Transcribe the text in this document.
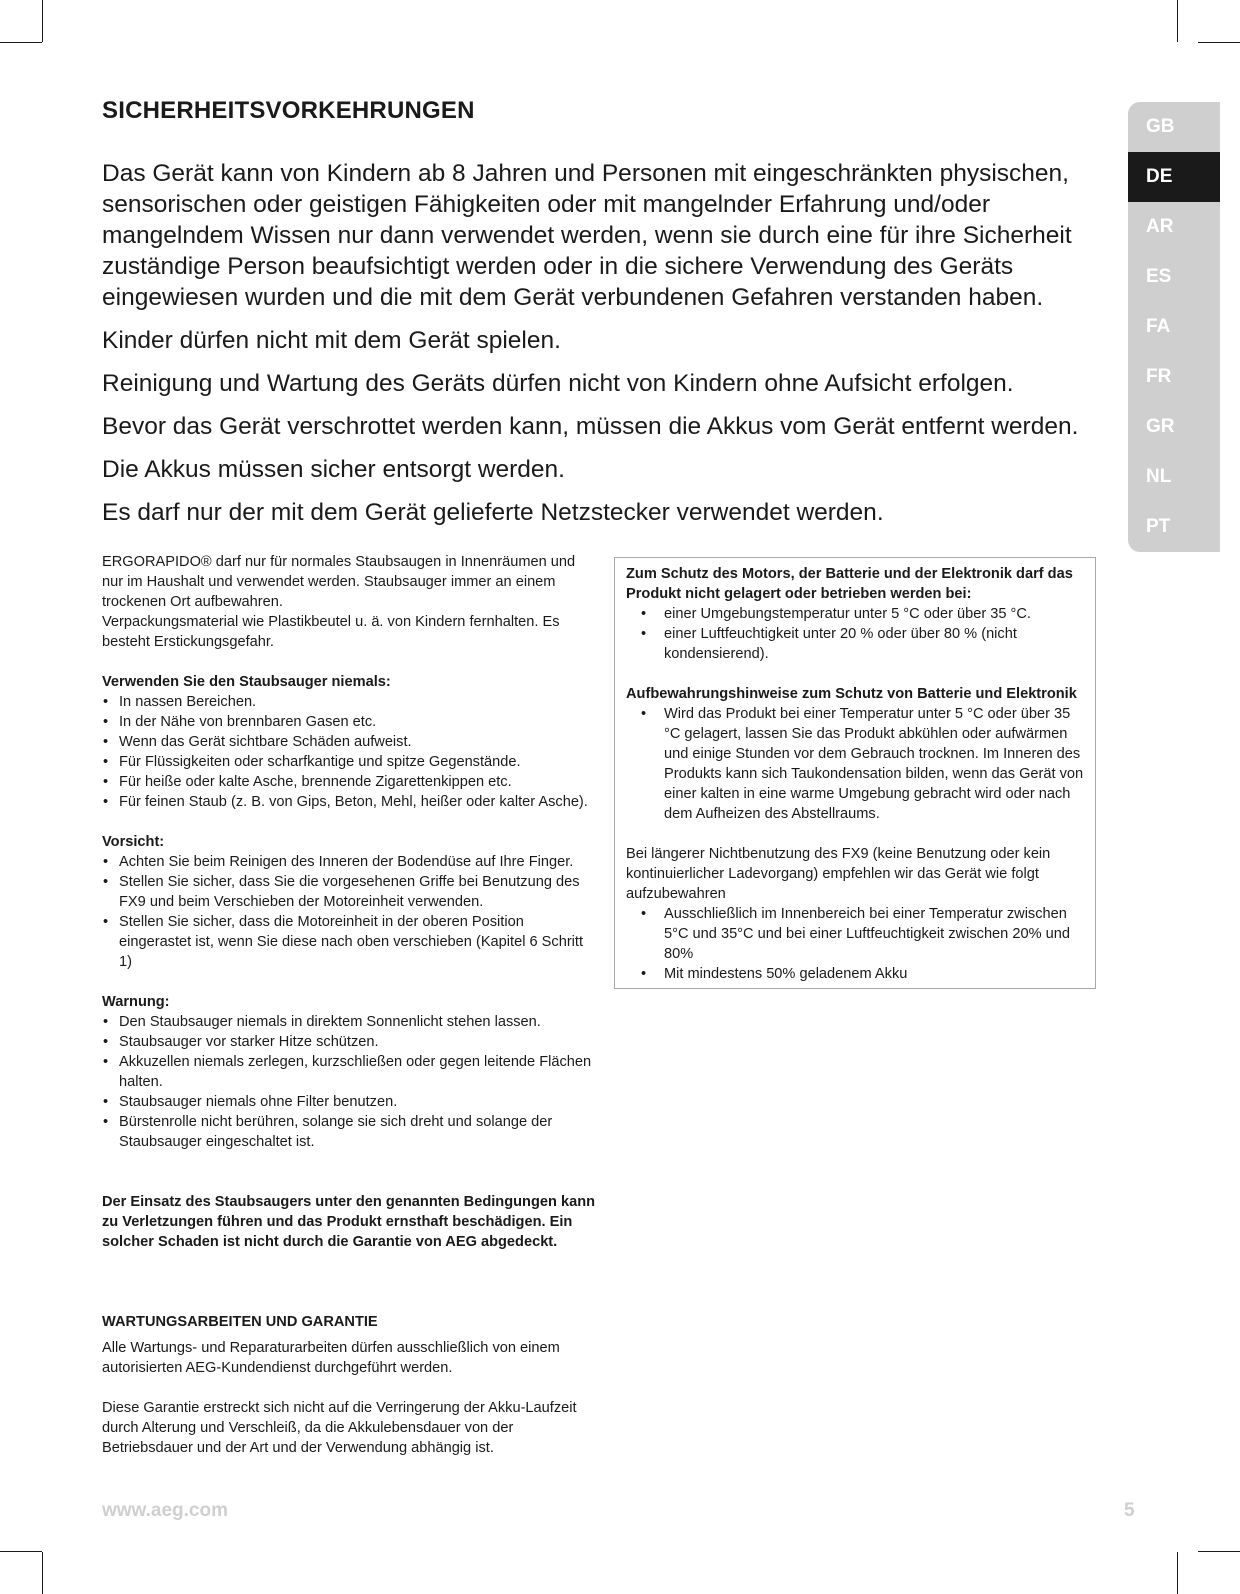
SICHERHEITSVORKEHRUNGEN

Das Gerät kann von Kindern ab 8 Jahren und Personen mit eingeschränkten physischen, sensorischen oder geistigen Fähigkeiten oder mit mangelnder Erfahrung und/oder mangelndem Wissen nur dann verwendet werden, wenn sie durch eine für ihre Sicherheit zuständige Person beaufsichtigt werden oder in die sichere Verwendung des Geräts eingewiesen wurden und die mit dem Gerät verbundenen Gefahren verstanden haben.

Kinder dürfen nicht mit dem Gerät spielen.

Reinigung und Wartung des Geräts dürfen nicht von Kindern ohne Aufsicht erfolgen.

Bevor das Gerät verschrottet werden kann, müssen die Akkus vom Gerät entfernt werden.

Die Akkus müssen sicher entsorgt werden.

Es darf nur der mit dem Gerät gelieferte Netzstecker verwendet werden.

ERGORAPIDO® darf nur für normales Staubsaugen in Innenräumen und nur im Haushalt und verwendet werden. Staubsauger immer an einem trockenen Ort aufbewahren.

Verpackungsmaterial wie Plastikbeutel u. ä. von Kindern fernhalten. Es besteht Erstickungsgefahr.

Verwenden Sie den Staubsauger niemals:

• In nassen Bereichen.
• In der Nähe von brennbaren Gasen etc.
• Wenn das Gerät sichtbare Schäden aufweist.
• Für Flüssigkeiten oder scharfkantige und spitze Gegenstände.
• Für heiße oder kalte Asche, brennende Zigarettenkippen etc.
• Für feinen Staub (z. B. von Gips, Beton, Mehl, heißer oder kalter Asche).

Vorsicht:

• Achten Sie beim Reinigen des Inneren der Bodendüse auf Ihre Finger.
• Stellen Sie sicher, dass Sie die vorgesehenen Griffe bei Benutzung des FX9 und beim Verschieben der Motoreinheit verwenden.
• Stellen Sie sicher, dass die Motoreinheit in der oberen Position eingerastet ist, wenn Sie diese nach oben verschieben (Kapitel 6 Schritt 1)

Warnung:

• Den Staubsauger niemals in direktem Sonnenlicht stehen lassen.
• Staubsauger vor starker Hitze schützen.
• Akkuzellen niemals zerlegen, kurzschließen oder gegen leitende Flächen halten.
• Staubsauger niemals ohne Filter benutzen.
• Bürstenrolle nicht berühren, solange sie sich dreht und solange der Staubsauger eingeschaltet ist.

Der Einsatz des Staubsaugers unter den genannten Bedingungen kann zu Verletzungen führen und das Produkt ernsthaft beschädigen. Ein solcher Schaden ist nicht durch die Garantie von AEG abgedeckt.

WARTUNGSARBEITEN UND GARANTIE

Alle Wartungs- und Reparaturarbeiten dürfen ausschließlich von einem autorisierten AEG-Kundendienst durchgeführt werden.

Diese Garantie erstreckt sich nicht auf die Verringerung der Akku-Laufzeit durch Alterung und Verschleiß, da die Akkulebensdauer von der Betriebsdauer und der Art und der Verwendung abhängig ist.

Zum Schutz des Motors, der Batterie und der Elektronik darf das Produkt nicht gelagert oder betrieben werden bei:

• einer Umgebungstemperatur unter 5 °C oder über 35 °C.
• einer Luftfeuchtigkeit unter 20 % oder über 80 % (nicht kondensierend).

Aufbewahrungshinweise zum Schutz von Batterie und Elektronik

• Wird das Produkt bei einer Temperatur unter 5 °C oder über 35 °C gelagert, lassen Sie das Produkt abkühlen oder aufwärmen und einige Stunden vor dem Gebrauch trocknen. Im Inneren des Produkts kann sich Taukondensation bilden, wenn das Gerät von einer kalten in eine warme Umgebung gebracht wird oder nach dem Aufheizen des Abstellraums.

Bei längerer Nichtbenutzung des FX9 (keine Benutzung oder kein kontinuierlicher Ladevorgang) empfehlen wir das Gerät wie folgt aufzubewahren

• Ausschließlich im Innenbereich bei einer Temperatur zwischen 5°C und 35°C und bei einer Luftfeuchtigkeit zwischen 20% und 80%
• Mit mindestens 50% geladenem Akku
GB
DE
AR
ES
FA
FR
GR
NL
PT
www.aeg.com	5
